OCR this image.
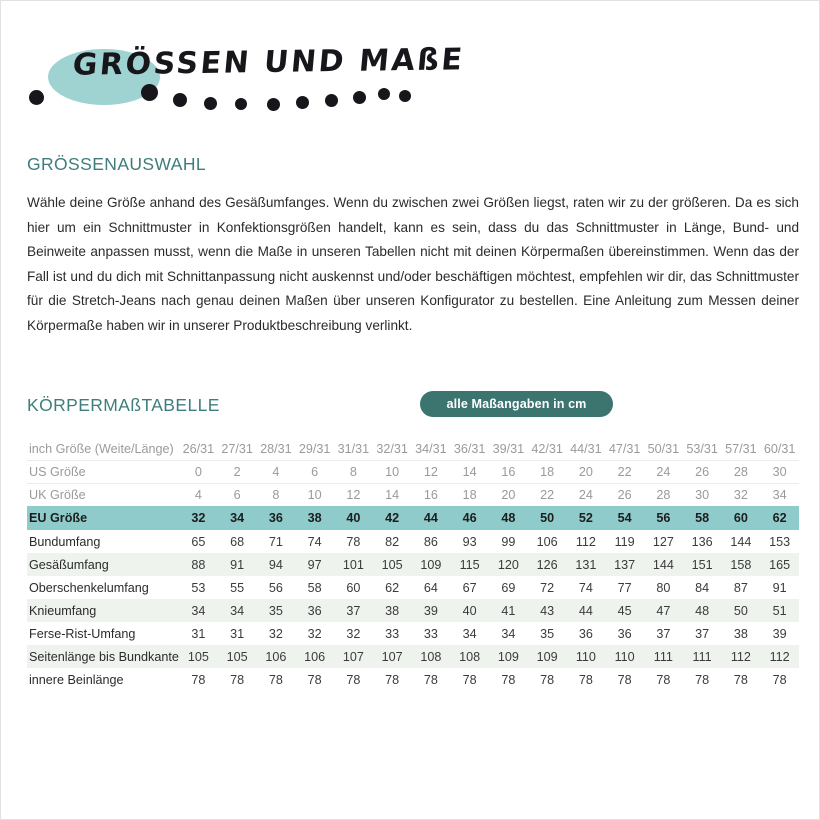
GRÖSSEN UND MAßE
GRÖSSENAUSWAHL
Wähle deine Größe anhand des Gesäßumfanges. Wenn du zwischen zwei Größen liegst, raten wir zu der größeren. Da es sich hier um ein Schnittmuster in Konfektionsgrößen handelt, kann es sein, dass du das Schnittmuster in Länge, Bund- und Beinweite anpassen musst, wenn die Maße in unseren Tabellen nicht mit deinen Körpermaßen übereinstimmen. Wenn das der Fall ist und du dich mit Schnittanpassung nicht auskennst und/oder beschäftigen möchtest, empfehlen wir dir, das Schnittmuster für die Stretch-Jeans nach genau deinen Maßen über unseren Konfigurator zu bestellen. Eine Anleitung zum Messen deiner Körpermaße haben wir in unserer Produktbeschreibung verlinkt.
KÖRPERMAßTABELLE	alle Maßangaben in cm
inch Größe (Weite/Länge)	26/31	27/31	28/31	29/31	31/31	32/31	34/31	36/31	39/31	42/31	44/31	47/31	50/31	53/31	57/31	60/31
US Größe	0	2	4	6	8	10	12	14	16	18	20	22	24	26	28	30
UK Größe	4	6	8	10	12	14	16	18	20	22	24	26	28	30	32	34
EU Größe	32	34	36	38	40	42	44	46	48	50	52	54	56	58	60	62
Bundumfang	65	68	71	74	78	82	86	93	99	106	112	119	127	136	144	153
Gesäßumfang	88	91	94	97	101	105	109	115	120	126	131	137	144	151	158	165
Oberschenkelumfang	53	55	56	58	60	62	64	67	69	72	74	77	80	84	87	91
Knieumfang	34	34	35	36	37	38	39	40	41	43	44	45	47	48	50	51
Ferse-Rist-Umfang	31	31	32	32	32	33	33	34	34	35	36	36	37	37	38	39
Seitenlänge bis Bundkante	105	105	106	106	107	107	108	108	109	109	110	110	111	111	112	112
innere Beinlänge	78	78	78	78	78	78	78	78	78	78	78	78	78	78	78	78
